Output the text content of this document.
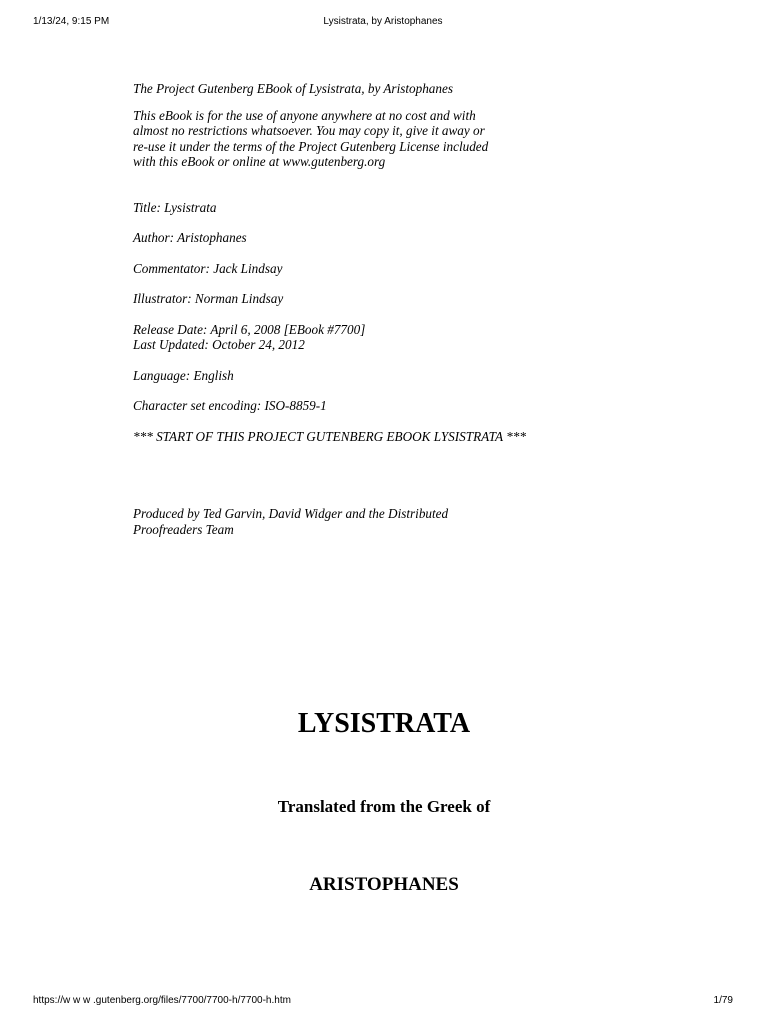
1/13/24, 9:15 PM	Lysistrata, by Aristophanes

The Project Gutenberg EBook of Lysistrata, by Aristophanes

This eBook is for the use of anyone anywhere at no cost and with
almost no restrictions whatsoever. You may copy it, give it away or
re-use it under the terms of the Project Gutenberg License included
with this eBook or online at www.gutenberg.org

Title: Lysistrata

Author: Aristophanes

Commentator: Jack Lindsay

Illustrator: Norman Lindsay

Release Date: April 6, 2008 [EBook #7700]
Last Updated: October 24, 2012

Language: English

Character set encoding: ISO-8859-1

*** START OF THIS PROJECT GUTENBERG EBOOK LYSISTRATA ***

Produced by Ted Garvin, David Widger and the Distributed
Proofreaders Team

LYSISTRATA
Translated from the Greek of
ARISTOPHANES
https://w w w .gutenberg.org/files/7700/7700-h/7700-h.htm	1/79
